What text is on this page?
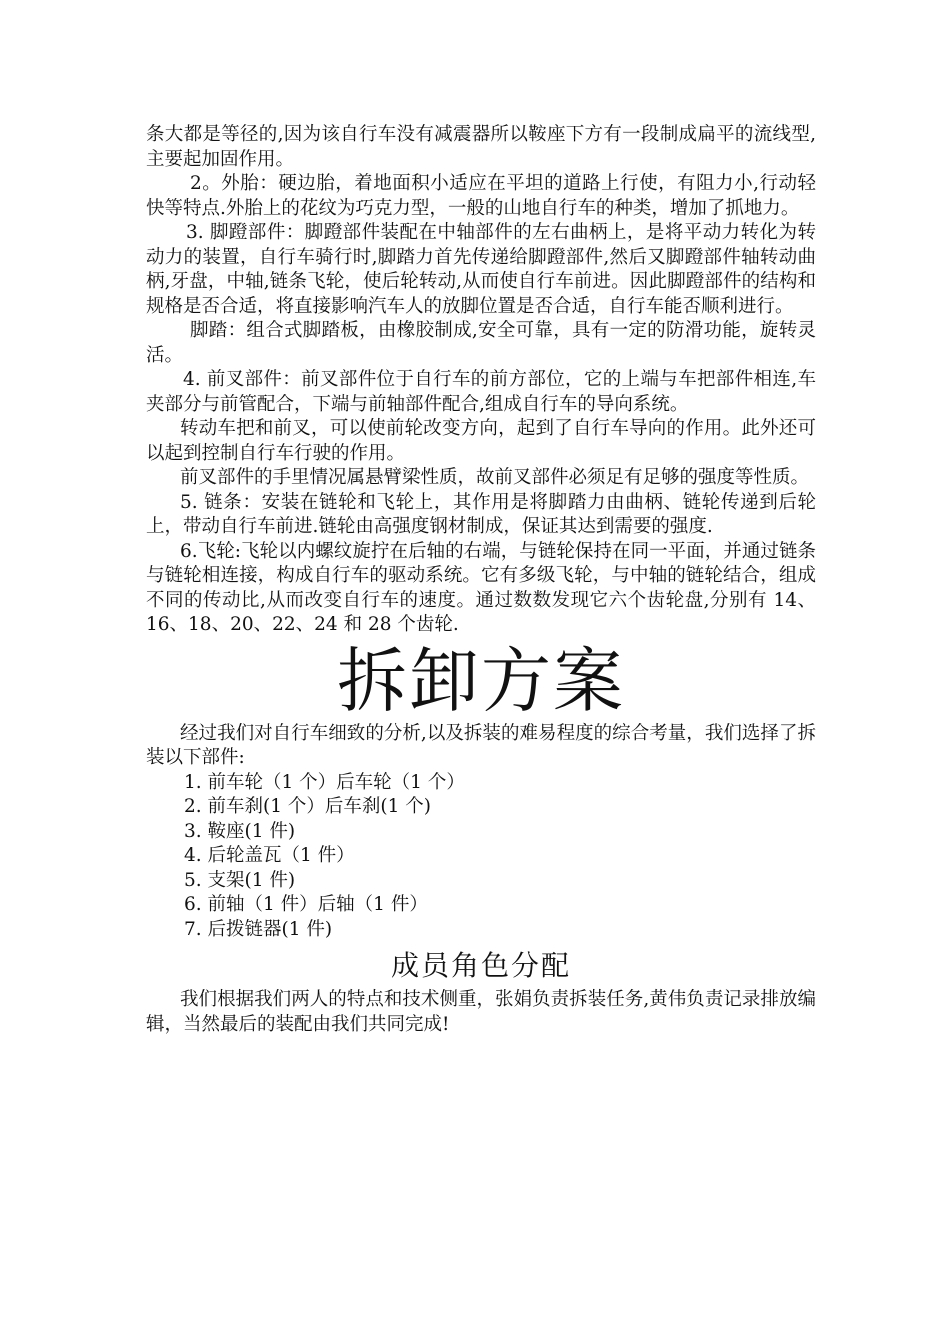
条大都是等径的,因为该自行车没有减震器所以鞍座下方有一段制成扁平的流线型,主要起加固作用。

2。外胎：硬边胎，着地面积小适应在平坦的道路上行使，有阻力小,行动轻快等特点.外胎上的花纹为巧克力型，一般的山地自行车的种类，增加了抓地力。

3. 脚蹬部件：脚蹬部件装配在中轴部件的左右曲柄上，是将平动力转化为转动力的装置，自行车骑行时,脚踏力首先传递给脚蹬部件,然后又脚蹬部件轴转动曲柄,牙盘，中轴,链条飞轮，使后轮转动,从而使自行车前进。因此脚蹬部件的结构和规格是否合适，将直接影响汽车人的放脚位置是否合适，自行车能否顺利进行。

脚踏：组合式脚踏板，由橡胶制成,安全可靠，具有一定的防滑功能，旋转灵活。

4. 前叉部件：前叉部件位于自行车的前方部位，它的上端与车把部件相连,车夹部分与前管配合，下端与前轴部件配合,组成自行车的导向系统。

转动车把和前叉，可以使前轮改变方向，起到了自行车导向的作用。此外还可以起到控制自行车行驶的作用。

前叉部件的手里情况属悬臂梁性质，故前叉部件必须足有足够的强度等性质。

5. 链条：安装在链轮和飞轮上，其作用是将脚踏力由曲柄、链轮传递到后轮上，带动自行车前进.链轮由高强度钢材制成，保证其达到需要的强度.

6.飞轮:飞轮以内螺纹旋拧在后轴的右端，与链轮保持在同一平面，并通过链条与链轮相连接，构成自行车的驱动系统。它有多级飞轮，与中轴的链轮结合，组成不同的传动比,从而改变自行车的速度。通过数数发现它六个齿轮盘,分别有 14、16、18、20、22、24 和 28 个齿轮.

拆卸方案

经过我们对自行车细致的分析,以及拆装的难易程度的综合考量，我们选择了拆装以下部件:

1. 前车轮（1 个）后车轮（1 个）
2. 前车刹(1 个）后车刹(1 个)
3. 鞍座(1 件)
4. 后轮盖瓦（1 件）
5. 支架(1 件)
6. 前轴（1 件）后轴（1 件）
7. 后拨链器(1 件)
成员角色分配

我们根据我们两人的特点和技术侧重，张娟负责拆装任务,黄伟负责记录排放编辑，当然最后的装配由我们共同完成!
